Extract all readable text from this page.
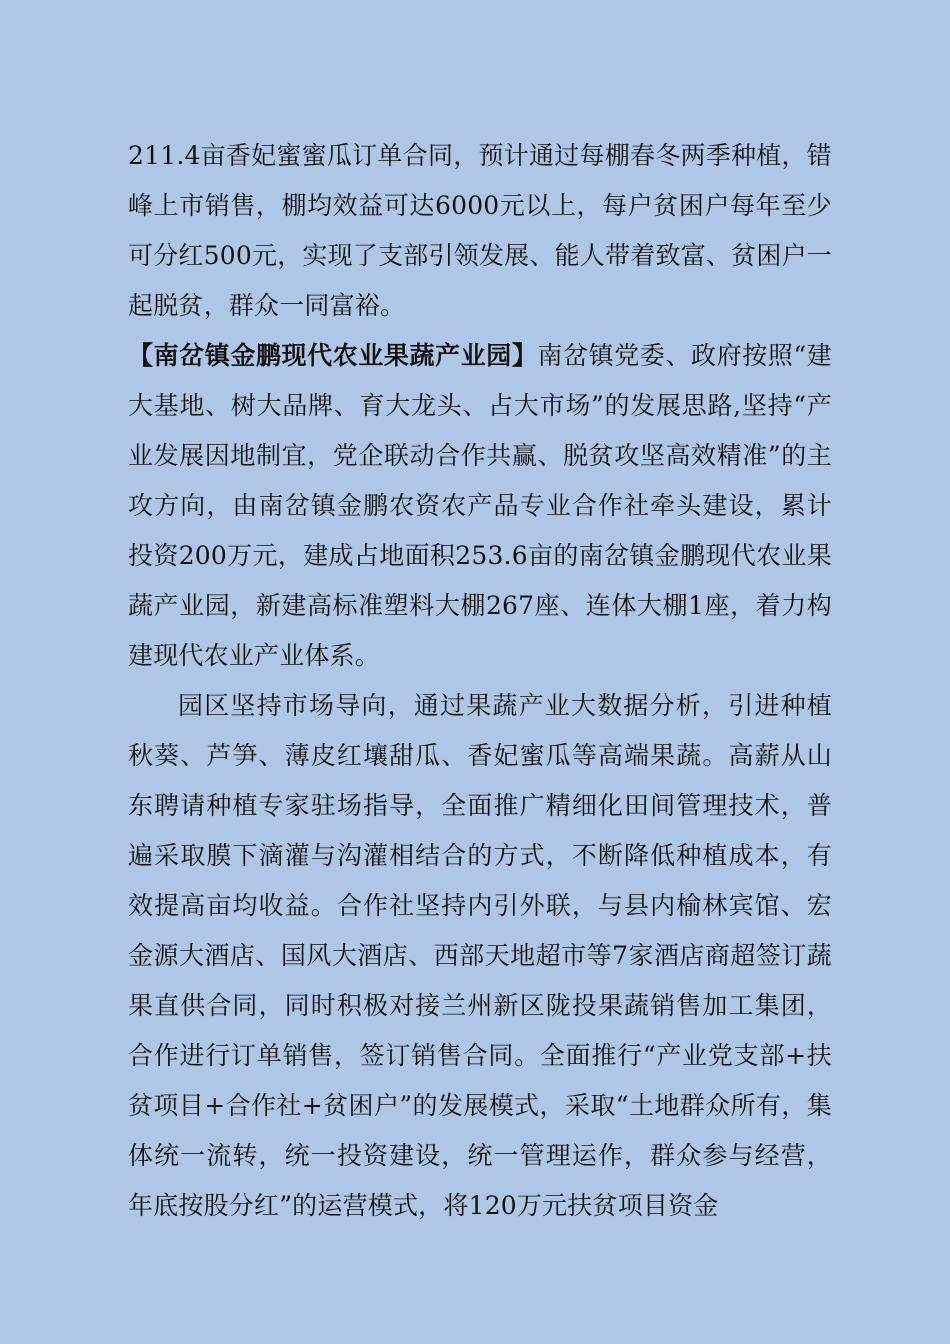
211.4亩香妃蜜蜜瓜订单合同，预计通过每棚春冬两季种植，错峰上市销售，棚均效益可达6000元以上，每户贫困户每年至少可分红500元，实现了支部引领发展、能人带着致富、贫困户一起脱贫，群众一同富裕。
【南岔镇金鹏现代农业果蔬产业园】南岔镇党委、政府按照“建大基地、树大品牌、育大龙头、占大市场”的发展思路,坚持“产业发展因地制宜，党企联动合作共赢、脱贫攻坚高效精准”的主攻方向，由南岔镇金鹏农资农产品专业合作社牵头建设，累计投资200万元，建成占地面积253.6亩的南岔镇金鹏现代农业果蔬产业园，新建高标准塑料大棚267座、连体大棚1座，着力构建现代农业产业体系。
园区坚持市场导向，通过果蔬产业大数据分析，引进种植秋葵、芦笋、薄皮红壤甜瓜、香妃蜜瓜等高端果蔬。高薪从山东聘请种植专家驻场指导，全面推广精细化田间管理技术，普遍采取膜下滴灌与沟灌相结合的方式，不断降低种植成本，有效提高亩均收益。合作社坚持内引外联，与县内榆林宾馆、宏金源大酒店、国风大酒店、西部天地超市等7家酒店商超签订蔬果直供合同，同时积极对接兰州新区陇投果蔬销售加工集团，合作进行订单销售，签订销售合同。全面推行“产业党支部+扶贫项目+合作社+贫困户”的发展模式，采取“土地群众所有，集体统一流转，统一投资建设，统一管理运作，群众参与经营，年底按股分红”的运营模式，将120万元扶贫项目资金
